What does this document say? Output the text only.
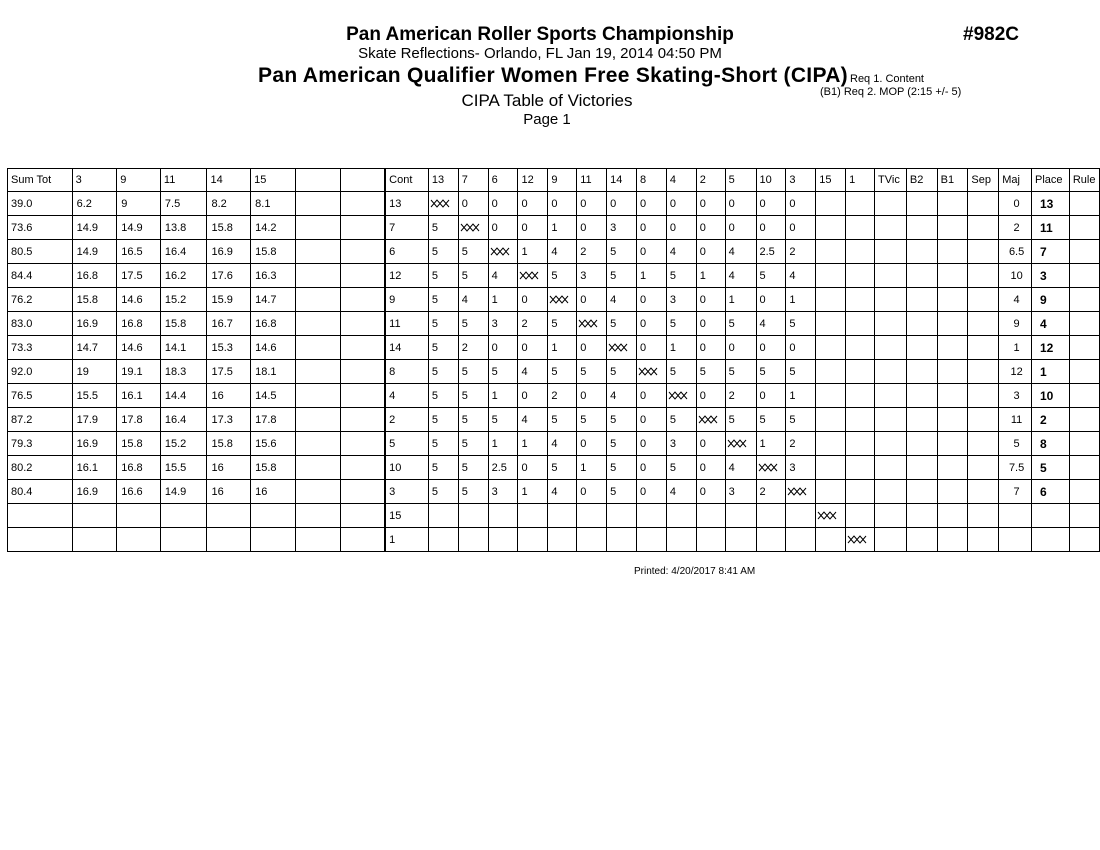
Pan American Roller Sports Championship
Skate Reflections- Orlando, FL Jan 19, 2014 04:50 PM
Pan American Qualifier Women Free Skating-Short (CIPA)
CIPA Table of Victories
Page 1
#982C
Req 1. Content
(B1) Req 2. MOP (2:15 +/- 5)
Sum Tot	3	9	11	14	15				Cont	13	7	6	12	9	11	14	8	4	2	5	10	3	15	1	TVic	B2	B1	Sep	Maj	Place	Rule
39.0	6.2	9	7.5	8.2	8.1				13		0	0	0	0	0	0	0	0	0	0	0	0							0	13	
73.6	14.9	14.9	13.8	15.8	14.2				7	5		0	0	1	0	3	0	0	0	0	0	0							2	11	
80.5	14.9	16.5	16.4	16.9	15.8				6	5	5		1	4	2	5	0	4	0	4	2.5	2							6.5	7	
84.4	16.8	17.5	16.2	17.6	16.3				12	5	5	4		5	3	5	1	5	1	4	5	4							10	3	
76.2	15.8	14.6	15.2	15.9	14.7				9	5	4	1	0		0	4	0	3	0	1	0	1							4	9	
83.0	16.9	16.8	15.8	16.7	16.8				11	5	5	3	2	5		5	0	5	0	5	4	5							9	4	
73.3	14.7	14.6	14.1	15.3	14.6				14	5	2	0	0	1	0		0	1	0	0	0	0							1	12	
92.0	19	19.1	18.3	17.5	18.1				8	5	5	5	4	5	5	5		5	5	5	5	5							12	1	
76.5	15.5	16.1	14.4	16	14.5				4	5	5	1	0	2	0	4	0		0	2	0	1							3	10	
87.2	17.9	17.8	16.4	17.3	17.8				2	5	5	5	4	5	5	5	0	5		5	5	5							11	2	
79.3	16.9	15.8	15.2	15.8	15.6				5	5	5	1	1	4	0	5	0	3	0		1	2							5	8	
80.2	16.1	16.8	15.5	16	15.8				10	5	5	2.5	0	5	1	5	0	5	0	4		3							7.5	5	
80.4	16.9	16.6	14.9	16	16				3	5	5	3	1	4	0	5	0	4	0	3	2								7	6	
									15																						
									1																						
Printed: 4/20/2017 8:41 AM
